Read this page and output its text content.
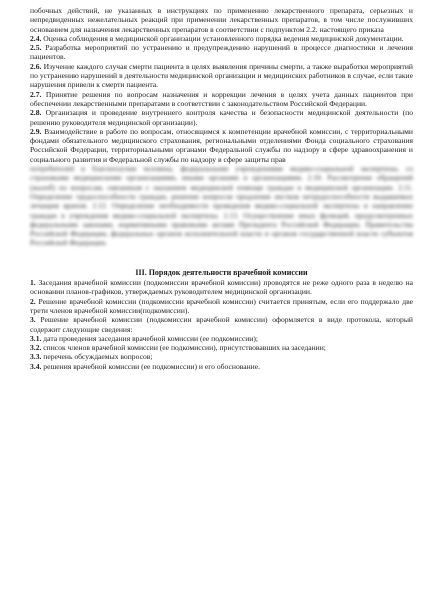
побочных действий, не указанных в инструкциях по применению лекарственного препарата, серьезных и непредвиденных нежелательных реакций при применении лекарственных препаратов, в том числе послуживших основанием для назначения лекарственных препаратов в соответствии с подпунктом 2.2. настоящего приказа

2.4. Оценка соблюдения в медицинской организации установленного порядка ведения медицинской документации.

2.5. Разработка мероприятий по устранению и предупреждению нарушений в процессе диагностики и лечения пациентов.

2.6. Изучение каждого случая смерти пациента в целях выявления причины смерти, а также выработки мероприятий по устранению нарушений в деятельности медицинской организации и медицинских работников в случае, если такие нарушения привели к смерти пациента.

2.7. Принятие решения по вопросам назначения и коррекции лечения в целях учета данных пациентов при обеспечении лекарственными препаратами в соответствии с законодательством Российской Федерации.

2.8. Организация и проведение внутреннего контроля качества и безопасности медицинской деятельности (по решению руководителя медицинской организации).

2.9. Взаимодействие в работе по вопросам, относящимся к компетенции врачебной комиссии, с территориальными фондами обязательного медицинского страхования, региональными отделениями Фонда социального страхования Российской Федерации, территориальными органами Федеральной службы по надзору в сфере здравоохранения и социального развития и Федеральной службы по надзору в сфере защиты прав

потребителей и благополучия человека, федеральными учреждениями медико-социальной экспертизы, со страховыми медицинскими организациями, иными органами и организациями. 2.10. Рассмотрение обращений (жалоб) по вопросам, связанным с оказанием медицинской помощи граждан в медицинской организации. 2.11. Определение трудоспособности граждан, решение вопросов продления листков нетрудоспособности выдаваемых лечащим врачом. 2.12. Определение необходимости проведения медико-социальной экспертизы и направление граждан в учреждения медико-социальной экспертизы. 2.13. Осуществление иных функций, предусмотренных федеральными законами, нормативными правовыми актами Президента Российской Федерации, Правительства Российской Федерации, федеральных органов исполнительной власти и органов государственной власти субъектов Российской Федерации.

III. Порядок деятельности врачебной комиссии

1. Заседания врачебной комиссии (подкомиссии врачебной комиссии) проводятся не реже одного раза в неделю на основании планов-графиков, утверждаемых руководителем медицинской организации.

2. Решение врачебной комиссии (подкомиссии врачебной комиссии) считается принятым, если его поддержало две трети членов врачебной комиссии(подкомиссии).

3. Решение врачебной комиссии (подкомиссии врачебной комиссии) оформляется в виде протокола, который содержит следующие сведения:

3.1. дата проведения заседания врачебной комиссии (ее подкомиссии);

3.2. список членов врачебной комиссии (ее подкомиссии), присутствовавших на заседании;

3.3. перечень обсуждаемых вопросов;

3.4. решения врачебной комиссии (ее подкомиссии) и его обоснование.
